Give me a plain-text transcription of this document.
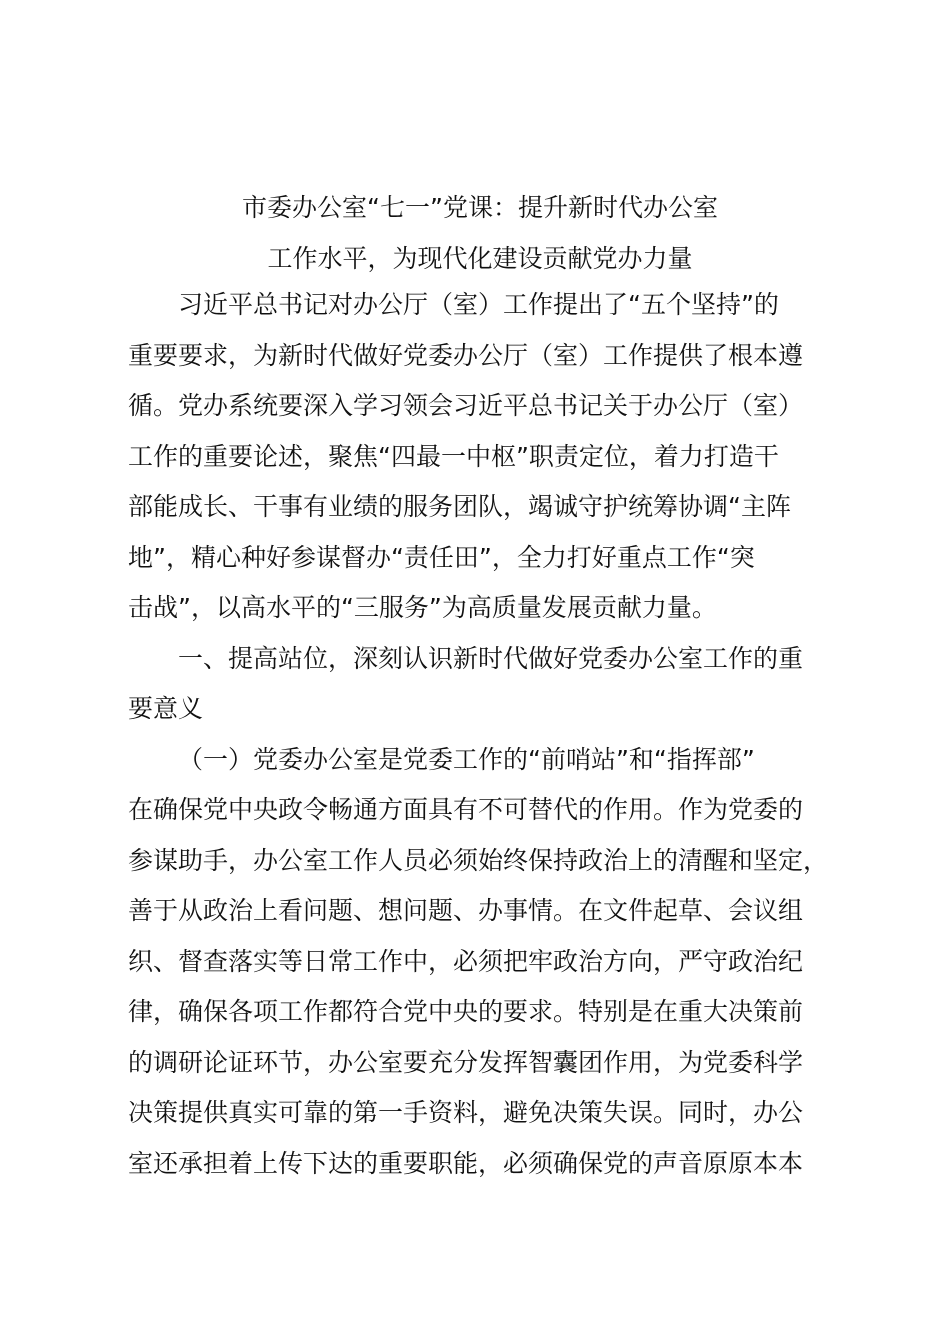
市委办公室“七一”党课：提升新时代办公室
工作水平，为现代化建设贡献党办力量
习近平总书记对办公厅（室）工作提出了“五个坚持”的
重要要求，为新时代做好党委办公厅（室）工作提供了根本遵
循。党办系统要深入学习领会习近平总书记关于办公厅（室）
工作的重要论述，聚焦“四最一中枢”职责定位，着力打造干
部能成长、干事有业绩的服务团队，竭诚守护统筹协调“主阵
地”，精心种好参谋督办“责任田”，全力打好重点工作“突
击战”，以高水平的“三服务”为高质量发展贡献力量。
一、提高站位，深刻认识新时代做好党委办公室工作的重
要意义
（一）党委办公室是党委工作的“前哨站”和“指挥部”
在确保党中央政令畅通方面具有不可替代的作用。作为党委的
参谋助手，办公室工作人员必须始终保持政治上的清醒和坚定，
善于从政治上看问题、想问题、办事情。在文件起草、会议组
织、督查落实等日常工作中，必须把牢政治方向，严守政治纪
律，确保各项工作都符合党中央的要求。特别是在重大决策前
的调研论证环节，办公室要充分发挥智囊团作用，为党委科学
决策提供真实可靠的第一手资料，避免决策失误。同时，办公
室还承担着上传下达的重要职能，必须确保党的声音原原本本
